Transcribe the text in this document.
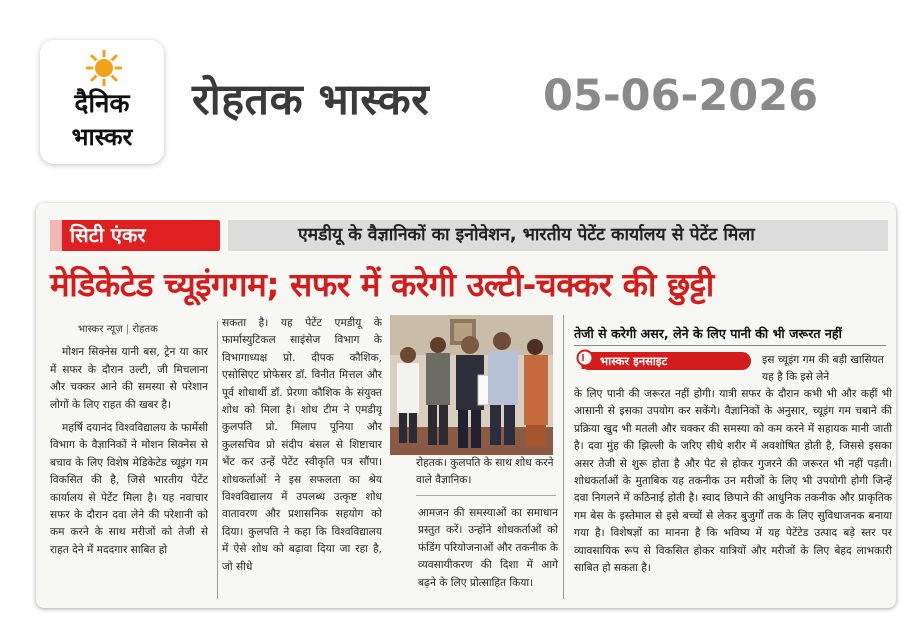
दैनिक
भास्कर
रोहतक भास्कर	05-06-2026
सिटी एंकर	एमडीयू के वैज्ञानिकों का इनोवेशन, भारतीय पेटेंट कार्यालय से पेटेंट मिला
मेडिकेटेड च्यूइंगगम; सफर में करेगी उल्टी-चक्कर की छुट्टी
भास्कर न्यूज़ | रोहतक

मोशन सिक्नेस यानी बस, ट्रेन या कार में सफर के दौरान उल्टी, जी मिचलाना और चक्कर आने की समस्या से परेशान लोगों के लिए राहत की खबर है।

महर्षि दयानंद विश्वविद्यालय के फार्मेसी विभाग के वैज्ञानिकों ने मोशन सिक्नेस से बचाव के लिए विशेष मेडिकेटेड च्यूइंग गम विकसित की है, जिसे भारतीय पेटेंट कार्यालय से पेटेंट मिला है। यह नवाचार सफर के दौरान दवा लेने की परेशानी को कम करने के साथ मरीजों को तेजी से राहत देने में मददगार साबित हो

सकता है। यह पेटेंट एमडीयू के फार्मास्युटिकल साइंसेज विभाग के विभागाध्यक्ष प्रो. दीपक कौशिक, एसोसिएट प्रोफेसर डॉ. विनीत मित्तल और पूर्व शोधार्थी डॉ. प्रेरणा कौशिक के संयुक्त शोध को मिला है। शोध टीम ने एमडीयू कुलपति प्रो. मिलाप पूनिया और कुलसचिव प्रो संदीप बंसल से शिष्टाचार भेंट कर उन्हें पेटेंट स्वीकृति पत्र सौंपा। शोधकर्ताओं ने इस सफलता का श्रेय विश्वविद्यालय में उपलब्ध उत्कृष्ट शोध वातावरण और प्रशासनिक सहयोग को दिया। कुलपति ने कहा कि विश्वविद्यालय में ऐसे शोध को बढ़ावा दिया जा रहा है, जो सीधे
रोहतक। कुलपति के साथ शोध करने वाले वैज्ञानिक।
आमजन की समस्याओं का समाधान प्रस्तुत करें। उन्होंने शोधकर्ताओं को फंडिंग परियोजनाओं और तकनीक के व्यवसायीकरण की दिशा में आगे बढ़ने के लिए प्रोत्साहित किया।
तेजी से करेगी असर, लेने के लिए पानी की भी जरूरत नहीं
भास्कर इनसाइट	इस च्यूइंग गम की बड़ी खासियत यह है कि इसे लेने
के लिए पानी की जरूरत नहीं होगी। यात्री सफर के दौरान कभी भी और कहीं भी आसानी से इसका उपयोग कर सकेंगे। वैज्ञानिकों के अनुसार, च्यूइंग गम चबाने की प्रक्रिया खुद भी मतली और चक्कर की समस्या को कम करने में सहायक मानी जाती है। दवा मुंह की झिल्ली के जरिए सीधे शरीर में अवशोषित होती है, जिससे इसका असर तेजी से शुरू होता है और पेट से होकर गुजरने की जरूरत भी नहीं पड़ती। शोधकर्ताओं के मुताबिक यह तकनीक उन मरीजों के लिए भी उपयोगी होगी जिन्हें दवा निगलने में कठिनाई होती है। स्वाद छिपाने की आधुनिक तकनीक और प्राकृतिक गम बेस के इस्तेमाल से इसे बच्चों से लेकर बुजुर्गों तक के लिए सुविधाजनक बनाया गया है। विशेषज्ञों का मानना है कि भविष्य में यह पेटेंटेड उत्पाद बड़े स्तर पर व्यावसायिक रूप से विकसित होकर यात्रियों और मरीजों के लिए बेहद लाभकारी साबित हो सकता है।
